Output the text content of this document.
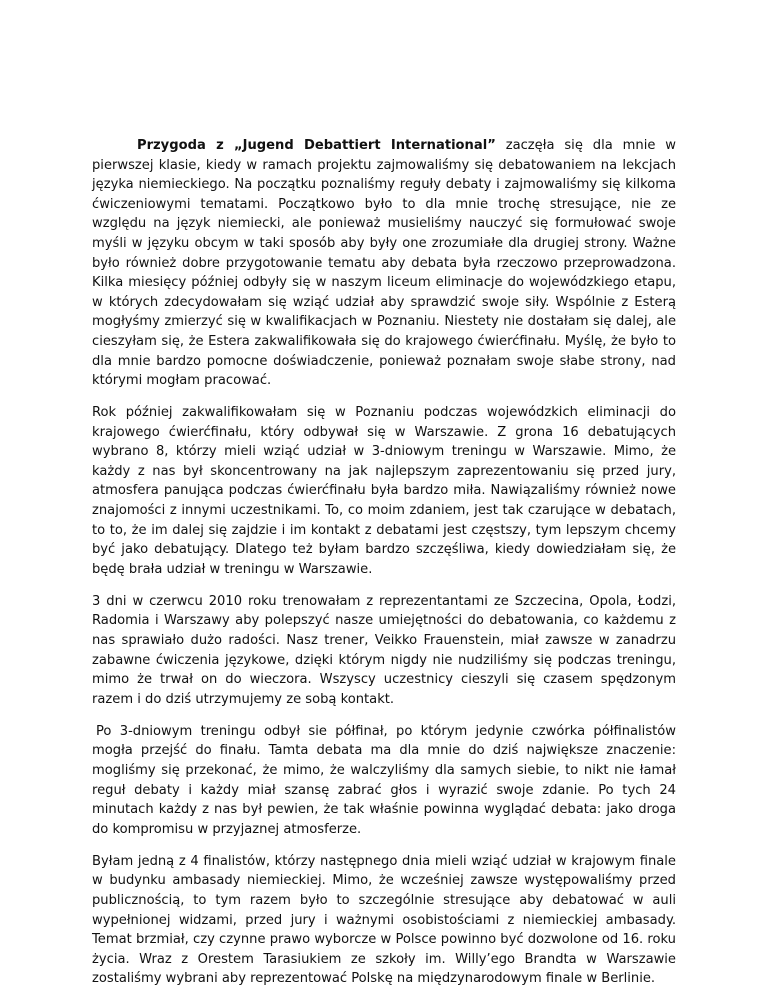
Przygoda z „Jugend Debattiert International” zaczęła się dla mnie w pierwszej klasie, kiedy w ramach projektu zajmowaliśmy się debatowaniem na lekcjach języka niemieckiego. Na początku poznaliśmy reguły debaty i zajmowaliśmy się kilkoma ćwiczeniowymi tematami. Początkowo było to dla mnie trochę stresujące, nie ze względu na język niemiecki, ale ponieważ musieliśmy nauczyć się formułować swoje myśli w języku obcym w taki sposób aby były one zrozumiałe dla drugiej strony. Ważne było również dobre przygotowanie tematu aby debata była rzeczowo przeprowadzona. Kilka miesięcy później odbyły się w naszym liceum eliminacje do wojewódzkiego etapu, w których zdecydowałam się wziąć udział aby sprawdzić swoje siły. Wspólnie z Esterą mogłyśmy zmierzyć się w kwalifikacjach w Poznaniu. Niestety nie dostałam się dalej, ale cieszyłam się, że Estera zakwalifikowała się do krajowego ćwierćfinału. Myślę, że było to dla mnie bardzo pomocne doświadczenie, ponieważ poznałam swoje słabe strony, nad którymi mogłam pracować.

Rok później zakwalifikowałam się w Poznaniu podczas wojewódzkich eliminacji do krajowego ćwierćfinału, który odbywał się w Warszawie. Z grona 16 debatujących wybrano 8, którzy mieli wziąć udział w 3-dniowym treningu w Warszawie. Mimo, że każdy z nas był skoncentrowany na jak najlepszym zaprezentowaniu się przed jury, atmosfera panująca podczas ćwierćfinału była bardzo miła. Nawiązaliśmy również nowe znajomości z innymi uczestnikami. To, co moim zdaniem, jest tak czarujące w debatach, to to, że im dalej się zajdzie i im kontakt z debatami jest częstszy, tym lepszym chcemy być jako debatujący. Dlatego też byłam bardzo szczęśliwa, kiedy dowiedziałam się, że będę brała udział w treningu w Warszawie.

3 dni w czerwcu 2010 roku trenowałam z reprezentantami ze Szczecina, Opola, Łodzi, Radomia i Warszawy aby polepszyć nasze umiejętności do debatowania, co każdemu z nas sprawiało dużo radości. Nasz trener, Veikko Frauenstein, miał zawsze w zanadrzu zabawne ćwiczenia językowe, dzięki którym nigdy nie nudziliśmy się podczas treningu, mimo że trwał on do wieczora. Wszyscy uczestnicy cieszyli się czasem spędzonym razem i do dziś utrzymujemy ze sobą kontakt.

Po 3-dniowym treningu odbył sie półfinał, po którym jedynie czwórka półfinalistów mogła przejść do finału. Tamta debata ma dla mnie do dziś największe znaczenie: mogliśmy się przekonać, że mimo, że walczyliśmy dla samych siebie, to nikt nie łamał reguł debaty i każdy miał szansę zabrać głos i wyrazić swoje zdanie. Po tych 24 minutach każdy z nas był pewien, że tak właśnie powinna wyglądać debata: jako droga do kompromisu w przyjaznej atmosferze.

Byłam jedną z 4 finalistów, którzy następnego dnia mieli wziąć udział w krajowym finale w budynku ambasady niemieckiej. Mimo, że wcześniej zawsze występowaliśmy przed publicznością, to tym razem było to szczególnie stresujące aby debatować w auli wypełnionej widzami, przed jury i ważnymi osobistościami z niemieckiej ambasady. Temat brzmiał, czy czynne prawo wyborcze w Polsce powinno być dozwolone od 16. roku życia. Wraz z Orestem Tarasiukiem ze szkoły im. Willy’ego Brandta w Warszawie zostaliśmy wybrani aby reprezentować Polskę na międzynarodowym finale w Berlinie.
